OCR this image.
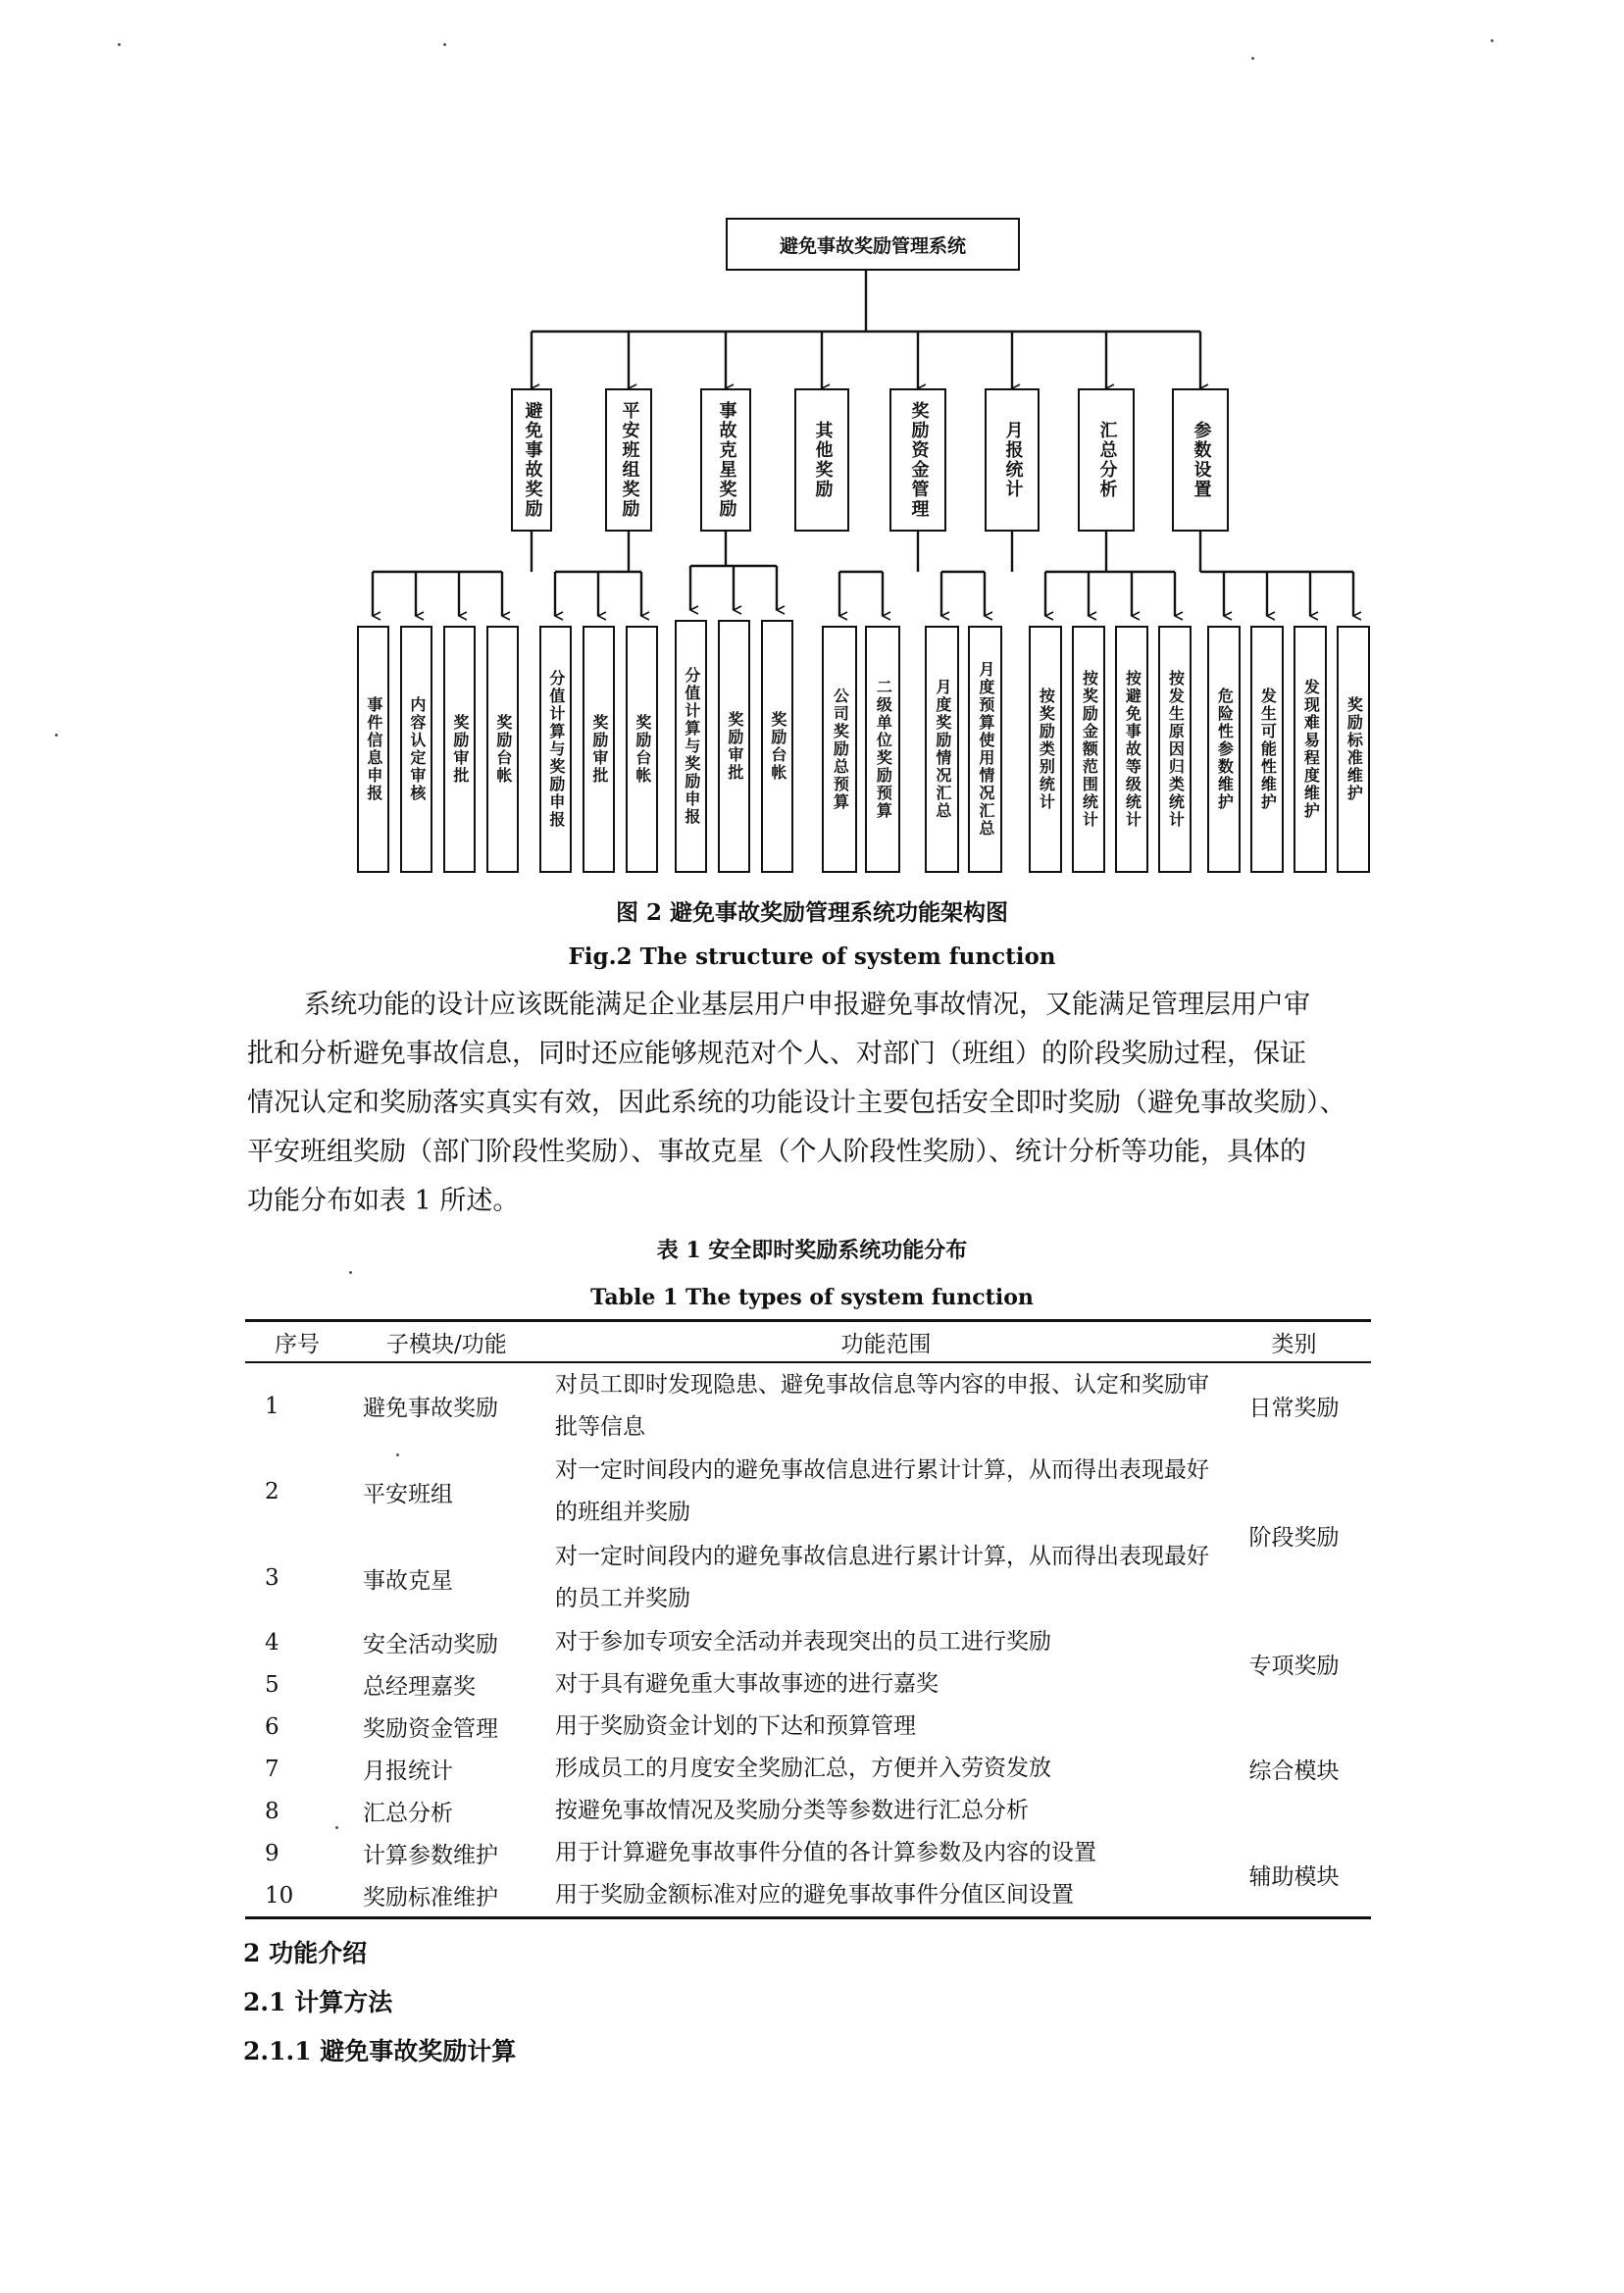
避免事故奖励管理系统
避免事故奖励	平安班组奖励	事故克星奖励	其他奖励	奖励资金管理	月报统计	汇总分析	参数设置
事件信息申报 内容认定审核 奖励审批 奖励台帐 分值计算与奖励申报 奖励审批 奖励台帐 分值计算与奖励申报 奖励审批 奖励台帐	公司奖励总预算 二级单位奖励预算	月度奖励情况汇总 月度预算使用情况汇总	按奖励类别统计 按奖励金额范围统计 按避免事故等级统计 按发生原因归类统计 危险性参数维护 发生可能性维护 发现难易程度维护 奖励标准维护
图 2 避免事故奖励管理系统功能架构图
Fig.2 The structure of system function
系统功能的设计应该既能满足企业基层用户申报避免事故情况，又能满足管理层用户审
批和分析避免事故信息，同时还应能够规范对个人、对部门（班组）的阶段奖励过程，保证
情况认定和奖励落实真实有效，因此系统的功能设计主要包括安全即时奖励（避免事故奖励）、
平安班组奖励（部门阶段性奖励）、事故克星（个人阶段性奖励）、统计分析等功能，具体的
功能分布如表 1 所述。
表 1 安全即时奖励系统功能分布
Table 1 The types of system function
序号	子模块/功能	功能范围	类别
1	避免事故奖励	对员工即时发现隐患、避免事故信息等内容的申报、认定和奖励审批等信息	日常奖励
2	平安班组	对一定时间段内的避免事故信息进行累计计算，从而得出表现最好的班组并奖励	阶段奖励
3	事故克星	对一定时间段内的避免事故信息进行累计计算，从而得出表现最好的员工并奖励	
4	安全活动奖励	对于参加专项安全活动并表现突出的员工进行奖励	专项奖励
5	总经理嘉奖	对于具有避免重大事故事迹的进行嘉奖	
6	奖励资金管理	用于奖励资金计划的下达和预算管理	综合模块
7	月报统计	形成员工的月度安全奖励汇总，方便并入劳资发放	
8	汇总分析	按避免事故情况及奖励分类等参数进行汇总分析	
9	计算参数维护	用于计算避免事故事件分值的各计算参数及内容的设置	辅助模块
10	奖励标准维护	用于奖励金额标准对应的避免事故事件分值区间设置	
2 功能介绍
2.1 计算方法
2.1.1 避免事故奖励计算
